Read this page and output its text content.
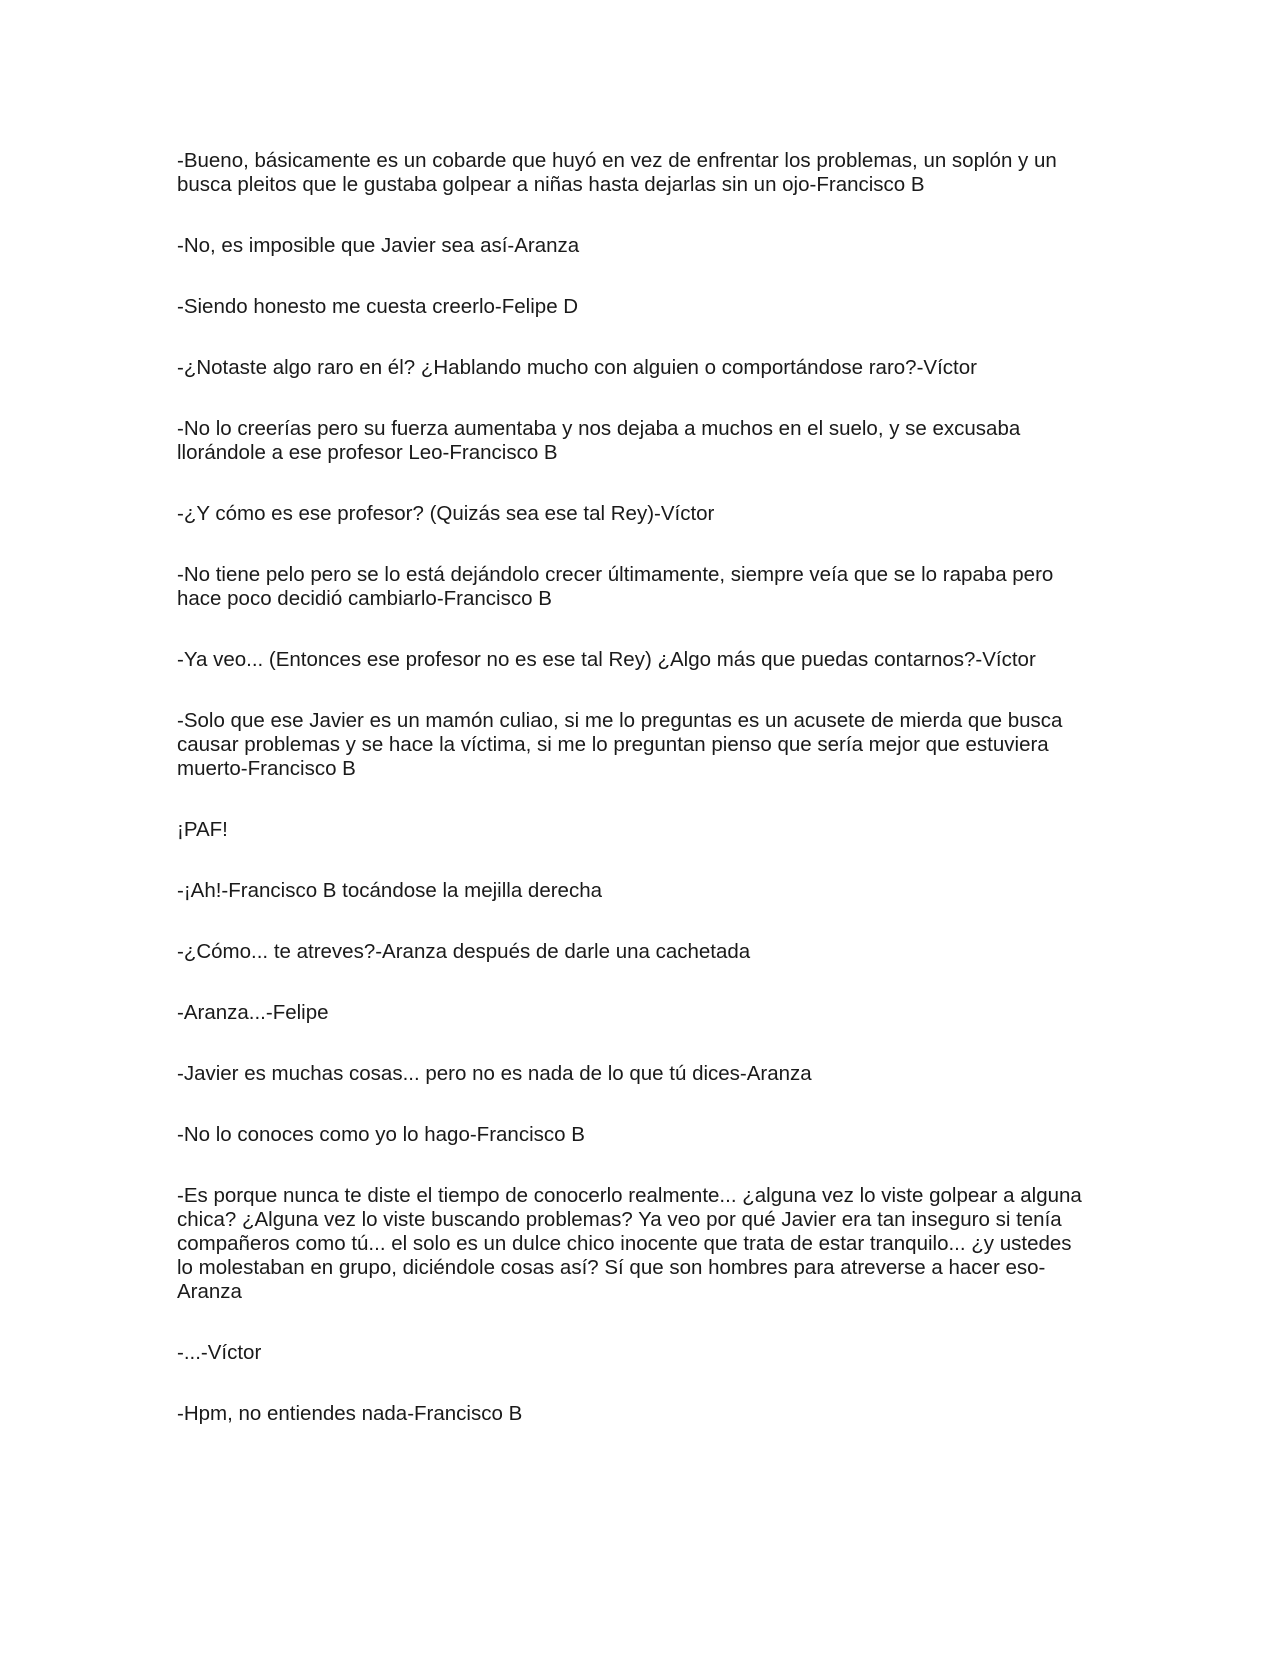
-Bueno, básicamente es un cobarde que huyó en vez de enfrentar los problemas, un soplón y un
busca pleitos que le gustaba golpear a niñas hasta dejarlas sin un ojo-Francisco B

-No, es imposible que Javier sea así-Aranza

-Siendo honesto me cuesta creerlo-Felipe D

-¿Notaste algo raro en él? ¿Hablando mucho con alguien o comportándose raro?-Víctor

-No lo creerías pero su fuerza aumentaba y nos dejaba a muchos en el suelo, y se excusaba
llorándole a ese profesor Leo-Francisco B

-¿Y cómo es ese profesor? (Quizás sea ese tal Rey)-Víctor

-No tiene pelo pero se lo está dejándolo crecer últimamente, siempre veía que se lo rapaba pero
hace poco decidió cambiarlo-Francisco B

-Ya veo... (Entonces ese profesor no es ese tal Rey) ¿Algo más que puedas contarnos?-Víctor

-Solo que ese Javier es un mamón culiao, si me lo preguntas es un acusete de mierda que busca
causar problemas y se hace la víctima, si me lo preguntan pienso que sería mejor que estuviera
muerto-Francisco B

¡PAF!

-¡Ah!-Francisco B tocándose la mejilla derecha

-¿Cómo... te atreves?-Aranza después de darle una cachetada

-Aranza...-Felipe

-Javier es muchas cosas... pero no es nada de lo que tú dices-Aranza

-No lo conoces como yo lo hago-Francisco B

-Es porque nunca te diste el tiempo de conocerlo realmente... ¿alguna vez lo viste golpear a alguna
chica? ¿Alguna vez lo viste buscando problemas? Ya veo por qué Javier era tan inseguro si tenía
compañeros como tú... el solo es un dulce chico inocente que trata de estar tranquilo... ¿y ustedes
lo molestaban en grupo, diciéndole cosas así? Sí que son hombres para atreverse a hacer eso-
Aranza

-...-Víctor

-Hpm, no entiendes nada-Francisco B
